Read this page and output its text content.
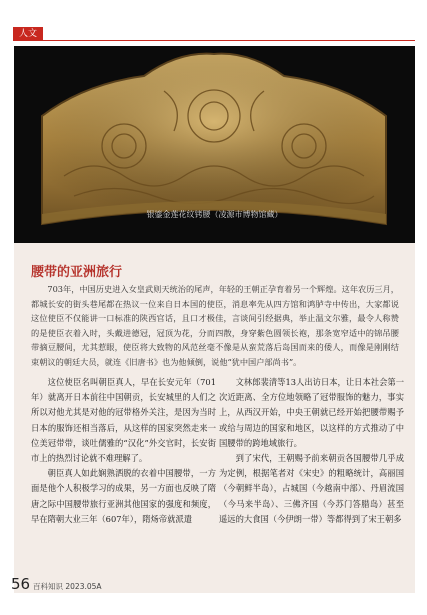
人文
银鎏金莲花纹铐腰（凌源市博物馆藏）
腰带的亚洲旅行

703年，中国历史进入女皇武则天统治的尾声，年轻的王朝正孕育着另一个辉煌。这年农历三月，都城长安的街头巷尾都在热议一位来自日本国的使臣，消息率先从四方馆和鸿胪寺中传出，大家都说这位使臣不仅能讲一口标准的陕西官话，且口才极佳，言谈间引经据典，举止温文尔雅，最令人称赞的是使臣衣着入时，头戴进德冠，冠顶为花，分而四散，身穿紫色圆领长袍，那条宽窄适中的锦吊腰带摘豆腰间，尤其惹眼，使臣将大致物的风范丝毫不像是从蛮荒落后岛国而来的倭人，而像是刚刚结束朝议的朝廷大员，就连《旧唐书》也为他倾倒，说他“犹中国户部尚书”。

这位使臣名叫朝臣真人，早在长安元年（701年）就离开日本前往中国朝贡，长安城里的人们之所以对他尤其是对他的冠带格外关注，是因为当时日本的服饰还相当落后，从这样的国家突然走来一位美冠带带，谈吐儒雅的“汉化”外交官时，长安街市上的热烈讨论就不难理解了。

朝臣真人如此娴熟洒脱的衣着中国腰带，一方面是他个人积极学习的成果，另一方面也反映了隋唐之际中国腰带旅行亚洲其他国家的强度和频度，早在隋朝大业三年（607年），隋炀帝就派遣

文林郎裴清等13人出访日本，让日本社会第一次近距离、全方位地领略了冠带服饰的魅力，事实上，从西汉开始，中央王朝就已经开始把腰带赐予或给与周边的国家和地区，以这样的方式推动了中国腰带的跨地域旅行。

到了宋代，王朝赐予前来朝贡各国腰带几乎成为定例，根据笔者对《宋史》的粗略统计，高丽国（今朝鲜半岛），占城国（今越南中部）、丹眉流国（今马来半岛）、三佛齐国（今苏门答腊岛）甚至遥远的大食国（今伊朗一带）等都得到了宋王朝多

56 百科知识 2023.05A
